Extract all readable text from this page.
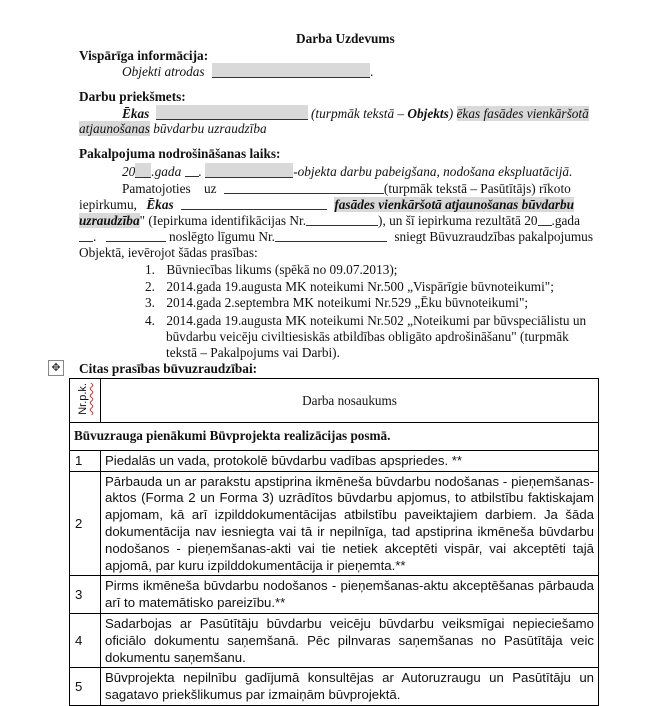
Darba Uzdevums
Vispārīga informācija:
Objekti atrodas	.
Darbu priekšmets:
Ēkas	(turpmāk tekstā – Objekts) ēkas fasādes vienkāršotā
atjaunošanas būvdarbu uzraudzība
Pakalpojuma nodrošināšanas laiks:
20 .gada .	-objekta darbu pabeigšana, nodošana ekspluatācijā.
Pamatojoties uz	(turpmāk tekstā – Pasūtītājs) rīkoto
iepirkumu, Ēkas	fasādes vienkāršotā atjaunošanas būvdarbu
uzraudzība" (Iepirkuma identifikācijas Nr.	), un šī iepirkuma rezultātā 20 .gada
.	noslēgto līgumu Nr.	sniegt Būvuzraudzības pakalpojumus
Objektā, ievērojot šādas prasības:
1. Būvniecības likums (spēkā no 09.07.2013);
2. 2014.gada 19.augusta MK noteikumi Nr.500 „Vispārīgie būvnoteikumi";
3. 2014.gada 2.septembra MK noteikumi Nr.529 „Ēku būvnoteikumi";
4. 2014.gada 19.augusta MK noteikumi Nr.502 „Noteikumi par būvspeciālistu un
būvdarbu veicēju civiltiesiskās atbildības obligāto apdrošināšanu" (turpmāk
tekstā – Pakalpojums vai Darbi).
✥ Citas prasības būvuzraudzībai:
Nr.p.k.	Darba nosaukums
Būvuzrauga pienākumi Būvprojekta realizācijas posmā.	
1	Piedalās un vada, protokolē būvdarbu vadības apspriedes. **
2	Pārbauda un ar parakstu apstiprina ikmēneša būvdarbu nodošanas - pieņemšanas-aktos (Forma 2 un Forma 3) uzrādītos būvdarbu apjomus, to atbilstību faktiskajam apjomam, kā arī izpilddokumentācijas atbilstību paveiktajiem darbiem. Ja šāda dokumentācija nav iesniegta vai tā ir nepilnīga, tad apstiprina ikmēneša būvdarbu nodošanos - pieņemšanas-akti vai tie netiek akceptēti vispār, vai akceptēti tajā apjomā, par kuru izpilddokumentācija ir pieņemta.**
3	Pirms ikmēneša būvdarbu nodošanos - pieņemšanas-aktu akceptēšanas pārbauda arī to matemātisko pareizību.**
4	Sadarbojas ar Pasūtītāju būvdarbu veicēju būvdarbu veiksmīgai nepieciešamo oficiālo dokumentu saņemšanā. Pēc pilnvaras saņemšanas no Pasūtītāja veic dokumentu saņemšanu.
5	Būvprojekta nepilnību gadījumā konsultējas ar Autoruzraugu un Pasūtītāju un sagatavo priekšlikumus par izmaiņām būvprojektā.
